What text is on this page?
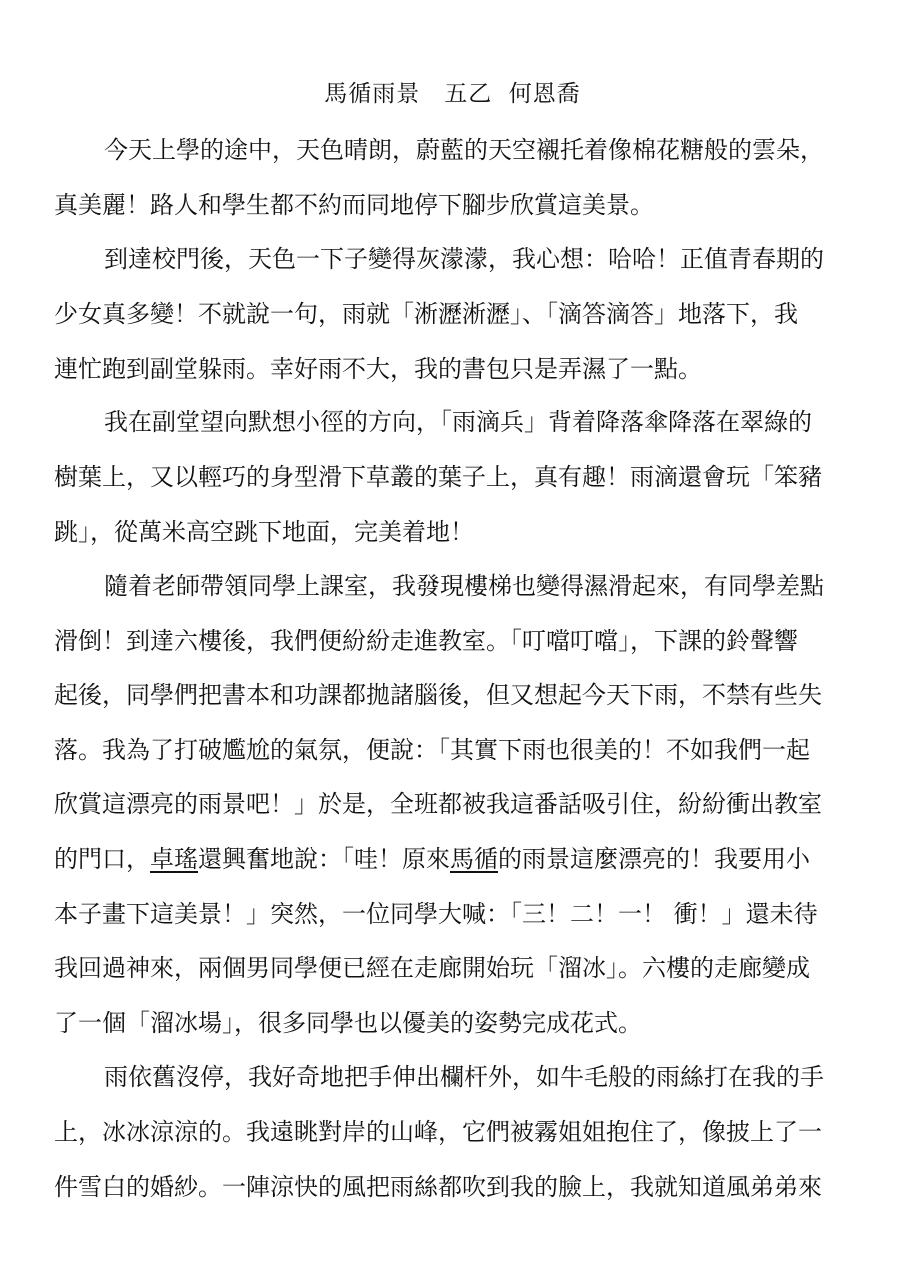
馬循雨景　五乙  何恩喬
今天上學的途中，天色晴朗，蔚藍的天空襯托着像棉花糖般的雲朵，
真美麗！路人和學生都不約而同地停下腳步欣賞這美景。
到達校門後，天色一下子變得灰濛濛，我心想：哈哈！正值青春期的
少女真多變！不就說一句，雨就「淅瀝淅瀝」、「滴答滴答」地落下，我
連忙跑到副堂躲雨。幸好雨不大，我的書包只是弄濕了一點。
我在副堂望向默想小徑的方向，「雨滴兵」背着降落傘降落在翠綠的
樹葉上，又以輕巧的身型滑下草叢的葉子上，真有趣！雨滴還會玩「笨豬
跳」，從萬米高空跳下地面，完美着地！
隨着老師帶領同學上課室，我發現樓梯也變得濕滑起來，有同學差點
滑倒！到達六樓後，我們便紛紛走進教室。「叮噹叮噹」，下課的鈴聲響
起後，同學們把書本和功課都拋諸腦後，但又想起今天下雨，不禁有些失
落。我為了打破尷尬的氣氛，便說：「其實下雨也很美的！不如我們一起
欣賞這漂亮的雨景吧！」於是，全班都被我這番話吸引住，紛紛衝出教室
的門口，卓瑤還興奮地說：「哇！原來馬循的雨景這麼漂亮的！我要用小
本子畫下這美景！」突然，一位同學大喊：「三！二！一！ 衝！」還未待
我回過神來，兩個男同學便已經在走廊開始玩「溜冰」。六樓的走廊變成
了一個「溜冰場」，很多同學也以優美的姿勢完成花式。
雨依舊沒停，我好奇地把手伸出欄杆外，如牛毛般的雨絲打在我的手
上，冰冰涼涼的。我遠眺對岸的山峰，它們被霧姐姐抱住了，像披上了一
件雪白的婚紗。一陣涼快的風把雨絲都吹到我的臉上，我就知道風弟弟來
